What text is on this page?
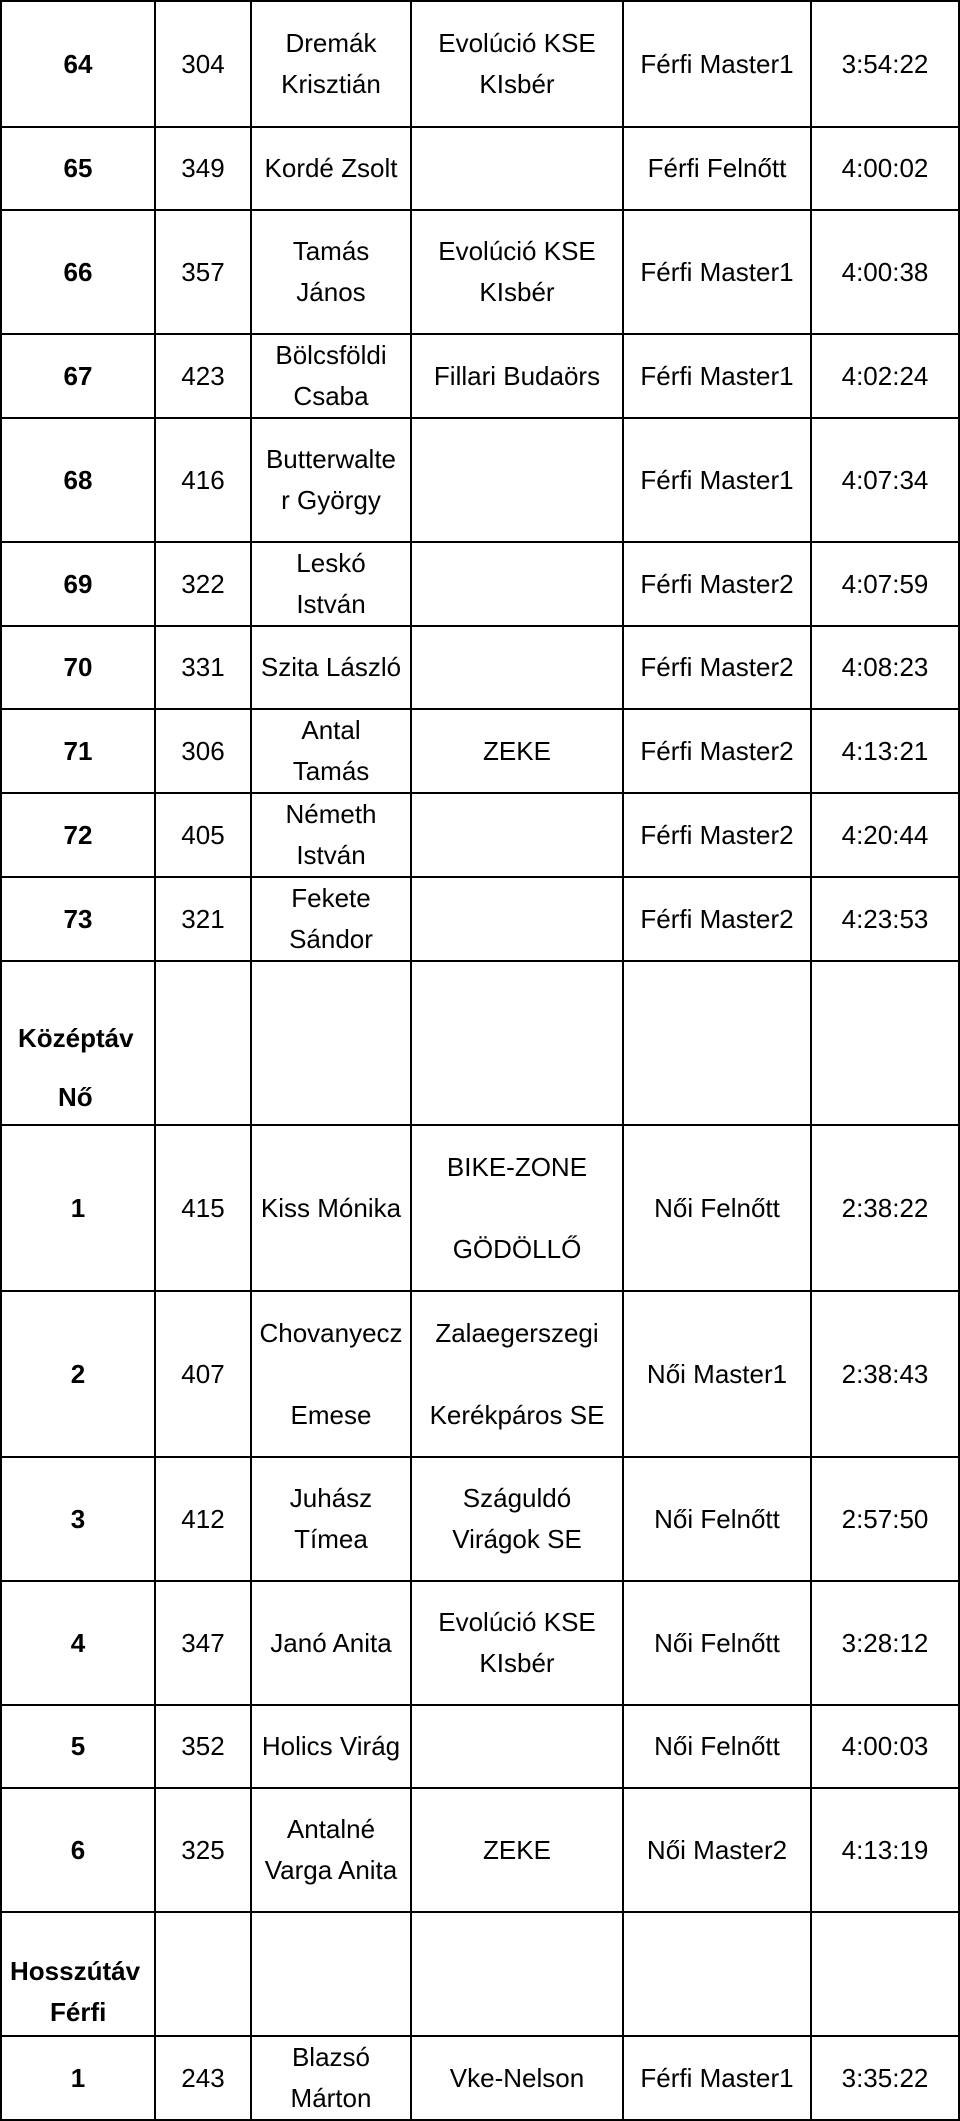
64	304	Dremák
Krisztián	Evolúció KSE
KIsbér	Férfi Master1	3:54:22
65	349	Kordé Zsolt		Férfi Felnőtt	4:00:02
66	357	Tamás
János	Evolúció KSE
KIsbér	Férfi Master1	4:00:38
67	423	Bölcsföldi
Csaba	Fillari Budaörs	Férfi Master1	4:02:24
68	416	Butterwalte
r György		Férfi Master1	4:07:34
69	322	Leskó
István		Férfi Master2	4:07:59
70	331	Szita László		Férfi Master2	4:08:23
71	306	Antal
Tamás	ZEKE	Férfi Master2	4:13:21
72	405	Németh
István		Férfi Master2	4:20:44
73	321	Fekete
Sándor		Férfi Master2	4:23:53

Középtáv
Nő					

1	415	Kiss Mónika	BIKE-ZONE

GÖDÖLLŐ	Női Felnőtt	2:38:22
2	407	Chovanyecz

Emese	Zalaegerszegi

Kerékpáros SE	Női Master1	2:38:43
3	412	Juhász
Tímea	Száguldó
Virágok SE	Női Felnőtt	2:57:50
4	347	Janó Anita	Evolúció KSE
KIsbér	Női Felnőtt	3:28:12
5	352	Holics Virág		Női Felnőtt	4:00:03
6	325	Antalné
Varga Anita	ZEKE	Női Master2	4:13:19

Hosszútáv
Férfi					

1	243	Blazsó
Márton	Vke-Nelson	Férfi Master1	3:35:22
